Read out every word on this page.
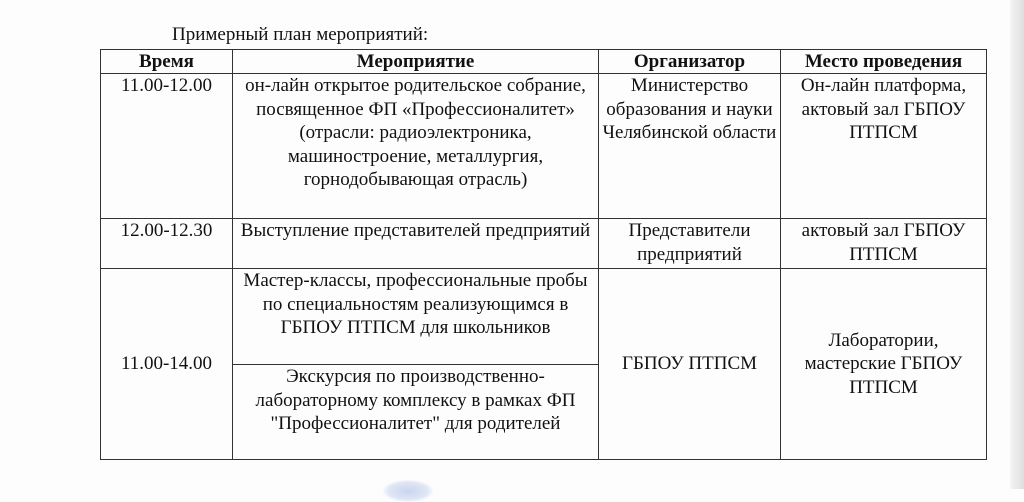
Примерный план мероприятий:
Время	Мероприятие	Организатор	Место проведения
11.00-12.00	он-лайн открытое родительское собрание, посвященное ФП «Профессионалитет» (отрасли: радиоэлектроника, машиностроение, металлургия, горнодобывающая отрасль)	Министерство образования и науки Челябинской области	Он-лайн платформа, актовый зал ГБПОУ ПТПСМ
12.00-12.30	Выступление представителей предприятий	Представители предприятий	актовый зал ГБПОУ ПТПСМ
11.00-14.00	Мастер-классы, профессиональные пробы по специальностям реализующимся в ГБПОУ ПТПСМ для школьников	ГБПОУ ПТПСМ	Лаборатории, мастерские ГБПОУ ПТПСМ
	Экскурсия по производственно-лабораторному комплексу в рамках ФП "Профессионалитет" для родителей		
